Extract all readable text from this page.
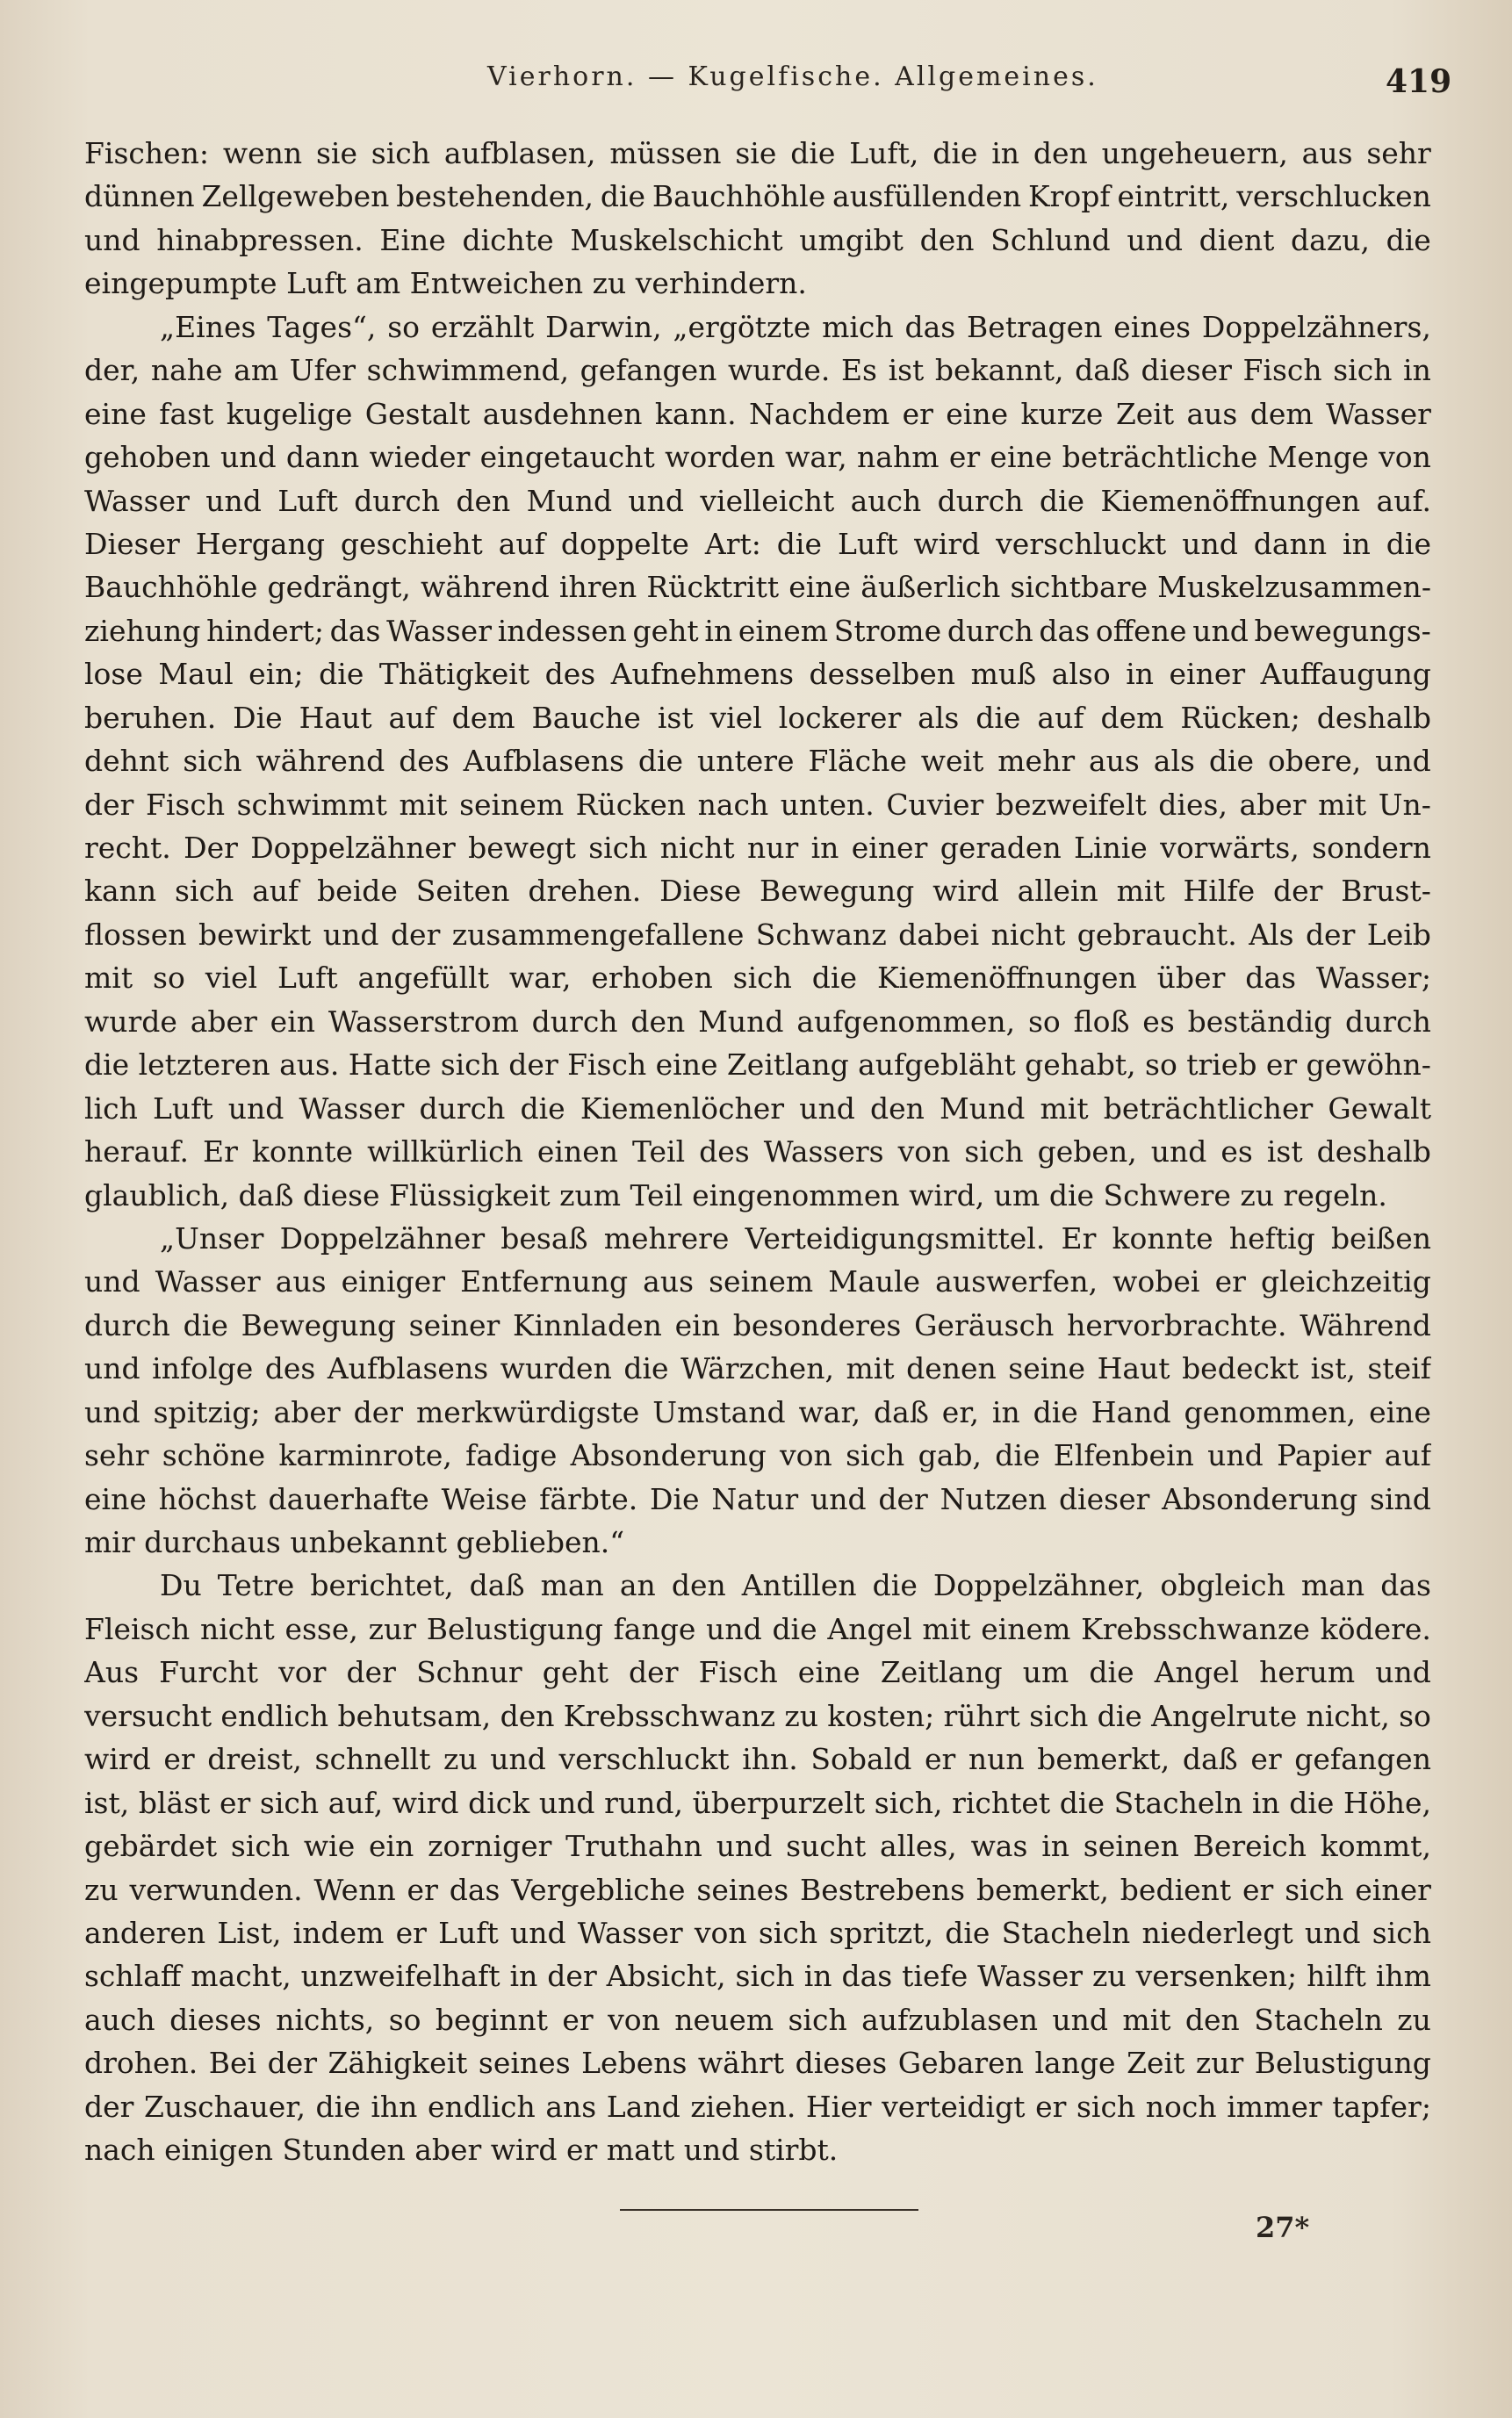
Vierhorn. — Kugelfische. Allgemeines.	419
Fischen: wenn sie sich aufblasen, müssen sie die Luft, die in den ungeheuern, aus sehr
dünnen Zellgeweben bestehenden, die Bauchhöhle ausfüllenden Kropf eintritt, verschlucken
und hinabpressen. Eine dichte Muskelschicht umgibt den Schlund und dient dazu, die
eingepumpte Luft am Entweichen zu verhindern.
„Eines Tages“, so erzählt Darwin, „ergötzte mich das Betragen eines Doppelzähners,
der, nahe am Ufer schwimmend, gefangen wurde. Es ist bekannt, daß dieser Fisch sich in
eine fast kugelige Gestalt ausdehnen kann. Nachdem er eine kurze Zeit aus dem Wasser
gehoben und dann wieder eingetaucht worden war, nahm er eine beträchtliche Menge von
Wasser und Luft durch den Mund und vielleicht auch durch die Kiemenöffnungen auf.
Dieser Hergang geschieht auf doppelte Art: die Luft wird verschluckt und dann in die
Bauchhöhle gedrängt, während ihren Rücktritt eine äußerlich sichtbare Muskelzusammen-
ziehung hindert; das Wasser indessen geht in einem Strome durch das offene und bewegungs-
lose Maul ein; die Thätigkeit des Aufnehmens desselben muß also in einer Auffaugung
beruhen. Die Haut auf dem Bauche ist viel lockerer als die auf dem Rücken; deshalb
dehnt sich während des Aufblasens die untere Fläche weit mehr aus als die obere, und
der Fisch schwimmt mit seinem Rücken nach unten. Cuvier bezweifelt dies, aber mit Un-
recht. Der Doppelzähner bewegt sich nicht nur in einer geraden Linie vorwärts, sondern
kann sich auf beide Seiten drehen. Diese Bewegung wird allein mit Hilfe der Brust-
flossen bewirkt und der zusammengefallene Schwanz dabei nicht gebraucht. Als der Leib
mit so viel Luft angefüllt war, erhoben sich die Kiemenöffnungen über das Wasser;
wurde aber ein Wasserstrom durch den Mund aufgenommen, so floß es beständig durch
die letzteren aus. Hatte sich der Fisch eine Zeitlang aufgebläht gehabt, so trieb er gewöhn-
lich Luft und Wasser durch die Kiemenlöcher und den Mund mit beträchtlicher Gewalt
herauf. Er konnte willkürlich einen Teil des Wassers von sich geben, und es ist deshalb
glaublich, daß diese Flüssigkeit zum Teil eingenommen wird, um die Schwere zu regeln.
„Unser Doppelzähner besaß mehrere Verteidigungsmittel. Er konnte heftig beißen
und Wasser aus einiger Entfernung aus seinem Maule auswerfen, wobei er gleichzeitig
durch die Bewegung seiner Kinnladen ein besonderes Geräusch hervorbrachte. Während
und infolge des Aufblasens wurden die Wärzchen, mit denen seine Haut bedeckt ist, steif
und spitzig; aber der merkwürdigste Umstand war, daß er, in die Hand genommen, eine
sehr schöne karminrote, fadige Absonderung von sich gab, die Elfenbein und Papier auf
eine höchst dauerhafte Weise färbte. Die Natur und der Nutzen dieser Absonderung sind
mir durchaus unbekannt geblieben.“
Du Tetre berichtet, daß man an den Antillen die Doppelzähner, obgleich man das
Fleisch nicht esse, zur Belustigung fange und die Angel mit einem Krebsschwanze ködere.
Aus Furcht vor der Schnur geht der Fisch eine Zeitlang um die Angel herum und
versucht endlich behutsam, den Krebsschwanz zu kosten; rührt sich die Angelrute nicht, so
wird er dreist, schnellt zu und verschluckt ihn. Sobald er nun bemerkt, daß er gefangen
ist, bläst er sich auf, wird dick und rund, überpurzelt sich, richtet die Stacheln in die Höhe,
gebärdet sich wie ein zorniger Truthahn und sucht alles, was in seinen Bereich kommt,
zu verwunden. Wenn er das Vergebliche seines Bestrebens bemerkt, bedient er sich einer
anderen List, indem er Luft und Wasser von sich spritzt, die Stacheln niederlegt und sich
schlaff macht, unzweifelhaft in der Absicht, sich in das tiefe Wasser zu versenken; hilft ihm
auch dieses nichts, so beginnt er von neuem sich aufzublasen und mit den Stacheln zu
drohen. Bei der Zähigkeit seines Lebens währt dieses Gebaren lange Zeit zur Belustigung
der Zuschauer, die ihn endlich ans Land ziehen. Hier verteidigt er sich noch immer tapfer;
nach einigen Stunden aber wird er matt und stirbt.
27*
